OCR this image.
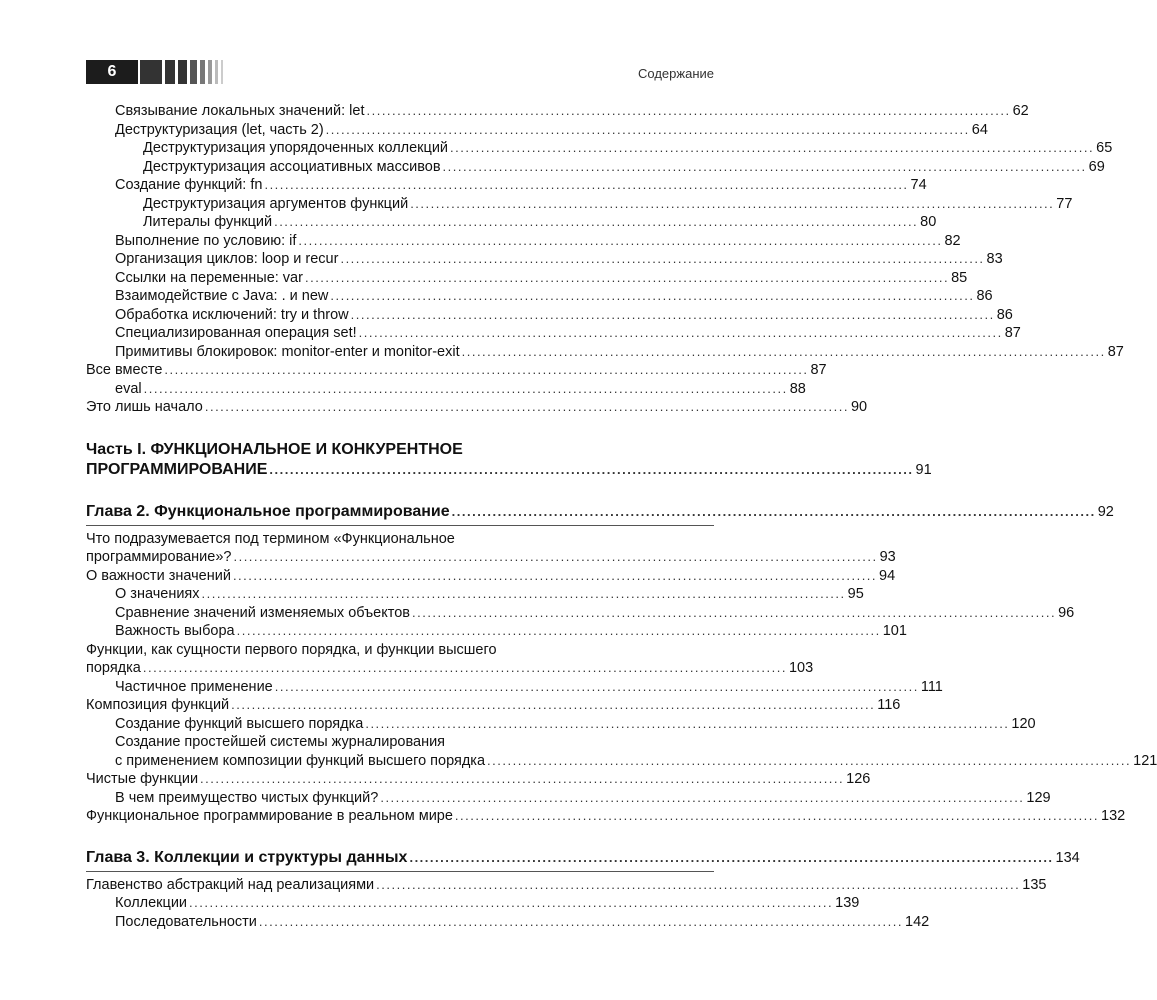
6	Содержание
Связывание локальных значений: let .............................................................................................................................. 62
Деструктуризация (let, часть 2) .............................................................................................................................. 64
Деструктуризация упорядоченных коллекций .............................................................................................................................. 65
Деструктуризация ассоциативных массивов .............................................................................................................................. 69
Создание функций: fn .............................................................................................................................. 74
Деструктуризация аргументов функций .............................................................................................................................. 77
Литералы функций .............................................................................................................................. 80
Выполнение по условию: if .............................................................................................................................. 82
Организация циклов: loop и recur .............................................................................................................................. 83
Ссылки на переменные: var .............................................................................................................................. 85
Взаимодействие с Java: . и new .............................................................................................................................. 86
Обработка исключений: try и throw .............................................................................................................................. 86
Специализированная операция set! .............................................................................................................................. 87
Примитивы блокировок: monitor-enter и monitor-exit .............................................................................................................................. 87
Все вместе .............................................................................................................................. 87
eval .............................................................................................................................. 88
Это лишь начало .............................................................................................................................. 90
Часть I. ФУНКЦИОНАЛЬНОЕ И КОНКУРЕНТНОЕ
ПРОГРАММИРОВАНИЕ .............................................................................................................................. 91
Глава 2. Функциональное программирование .............................................................................................................................. 92
Что подразумевается под термином «Функциональное
программирование»? .............................................................................................................................. 93
О важности значений .............................................................................................................................. 94
О значениях .............................................................................................................................. 95
Сравнение значений изменяемых объектов .............................................................................................................................. 96
Важность выбора .............................................................................................................................. 101
Функции, как сущности первого порядка, и функции высшего
порядка .............................................................................................................................. 103
Частичное применение .............................................................................................................................. 111
Композиция функций .............................................................................................................................. 116
Создание функций высшего порядка .............................................................................................................................. 120
Создание простейшей системы журналирования
с применением композиции функций высшего порядка .............................................................................................................................. 121
Чистые функции .............................................................................................................................. 126
В чем преимущество чистых функций? .............................................................................................................................. 129
Функциональное программирование в реальном мире .............................................................................................................................. 132
Глава 3. Коллекции и структуры данных .............................................................................................................................. 134
Главенство абстракций над реализациями .............................................................................................................................. 135
Коллекции .............................................................................................................................. 139
Последовательности .............................................................................................................................. 142
